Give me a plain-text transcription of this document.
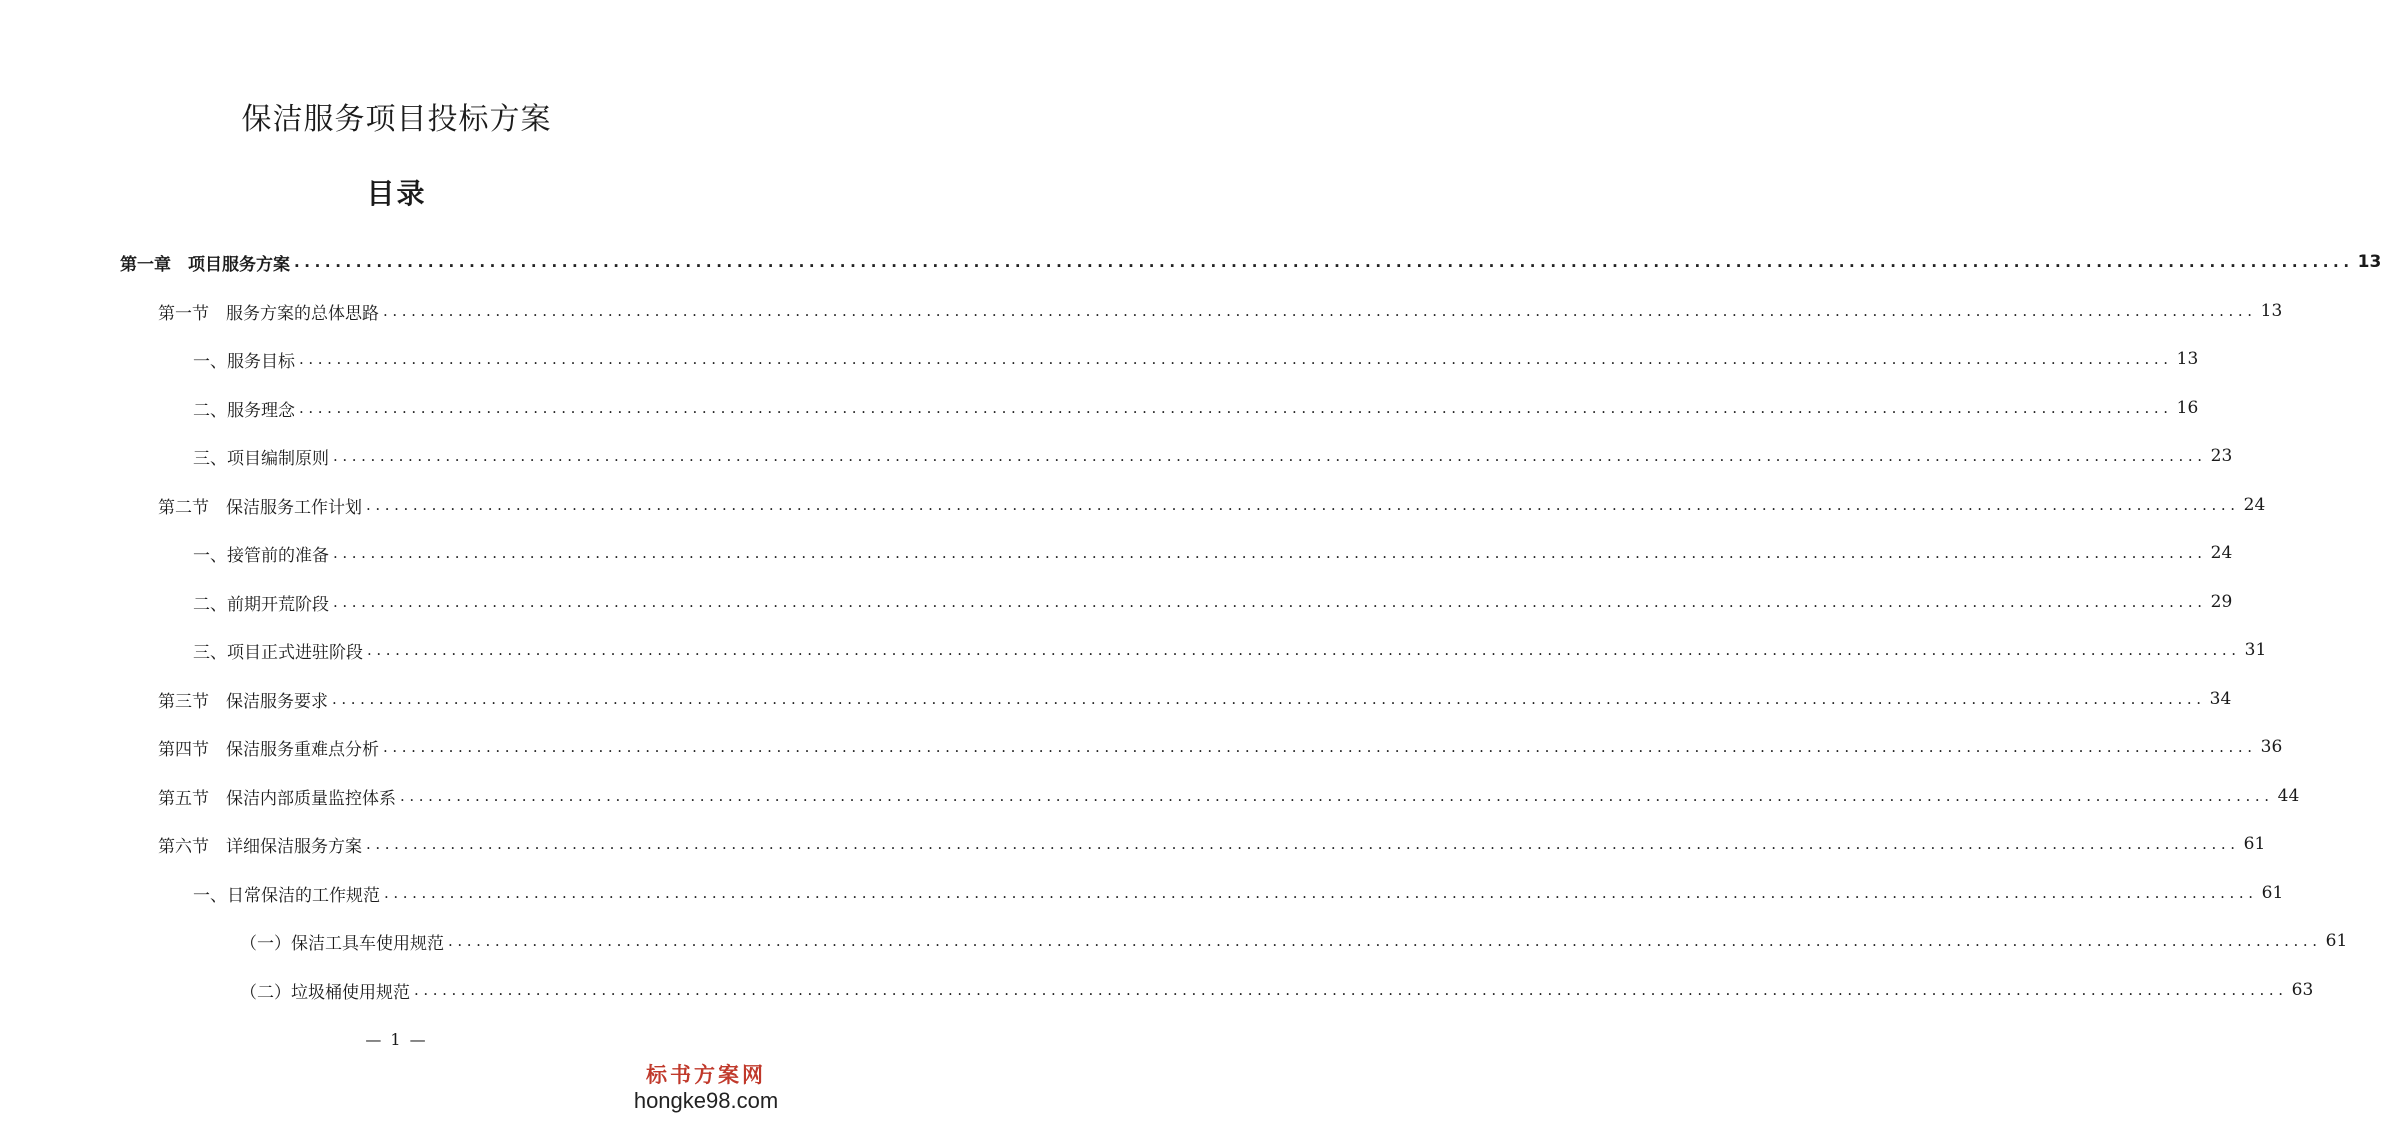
保洁服务项目投标方案
目录
第一章　项目服务方案 ........................................................................................................................................................................................................ 13
第一节　服务方案的总体思路 ........................................................................................................................................................................................................ 13
一、服务目标 ........................................................................................................................................................................................................ 13
二、服务理念 ........................................................................................................................................................................................................ 16
三、项目编制原则 ........................................................................................................................................................................................................ 23
第二节　保洁服务工作计划 ........................................................................................................................................................................................................ 24
一、接管前的准备 ........................................................................................................................................................................................................ 24
二、前期开荒阶段 ........................................................................................................................................................................................................ 29
三、项目正式进驻阶段 ........................................................................................................................................................................................................ 31
第三节　保洁服务要求 ........................................................................................................................................................................................................ 34
第四节　保洁服务重难点分析 ........................................................................................................................................................................................................ 36
第五节　保洁内部质量监控体系 ........................................................................................................................................................................................................ 44
第六节　详细保洁服务方案 ........................................................................................................................................................................................................ 61
一、日常保洁的工作规范 ........................................................................................................................................................................................................ 61
（一）保洁工具车使用规范 ........................................................................................................................................................................................................ 61
（二）垃圾桶使用规范 ........................................................................................................................................................................................................ 63
— 1 —
标书方案网
hongke98.com
